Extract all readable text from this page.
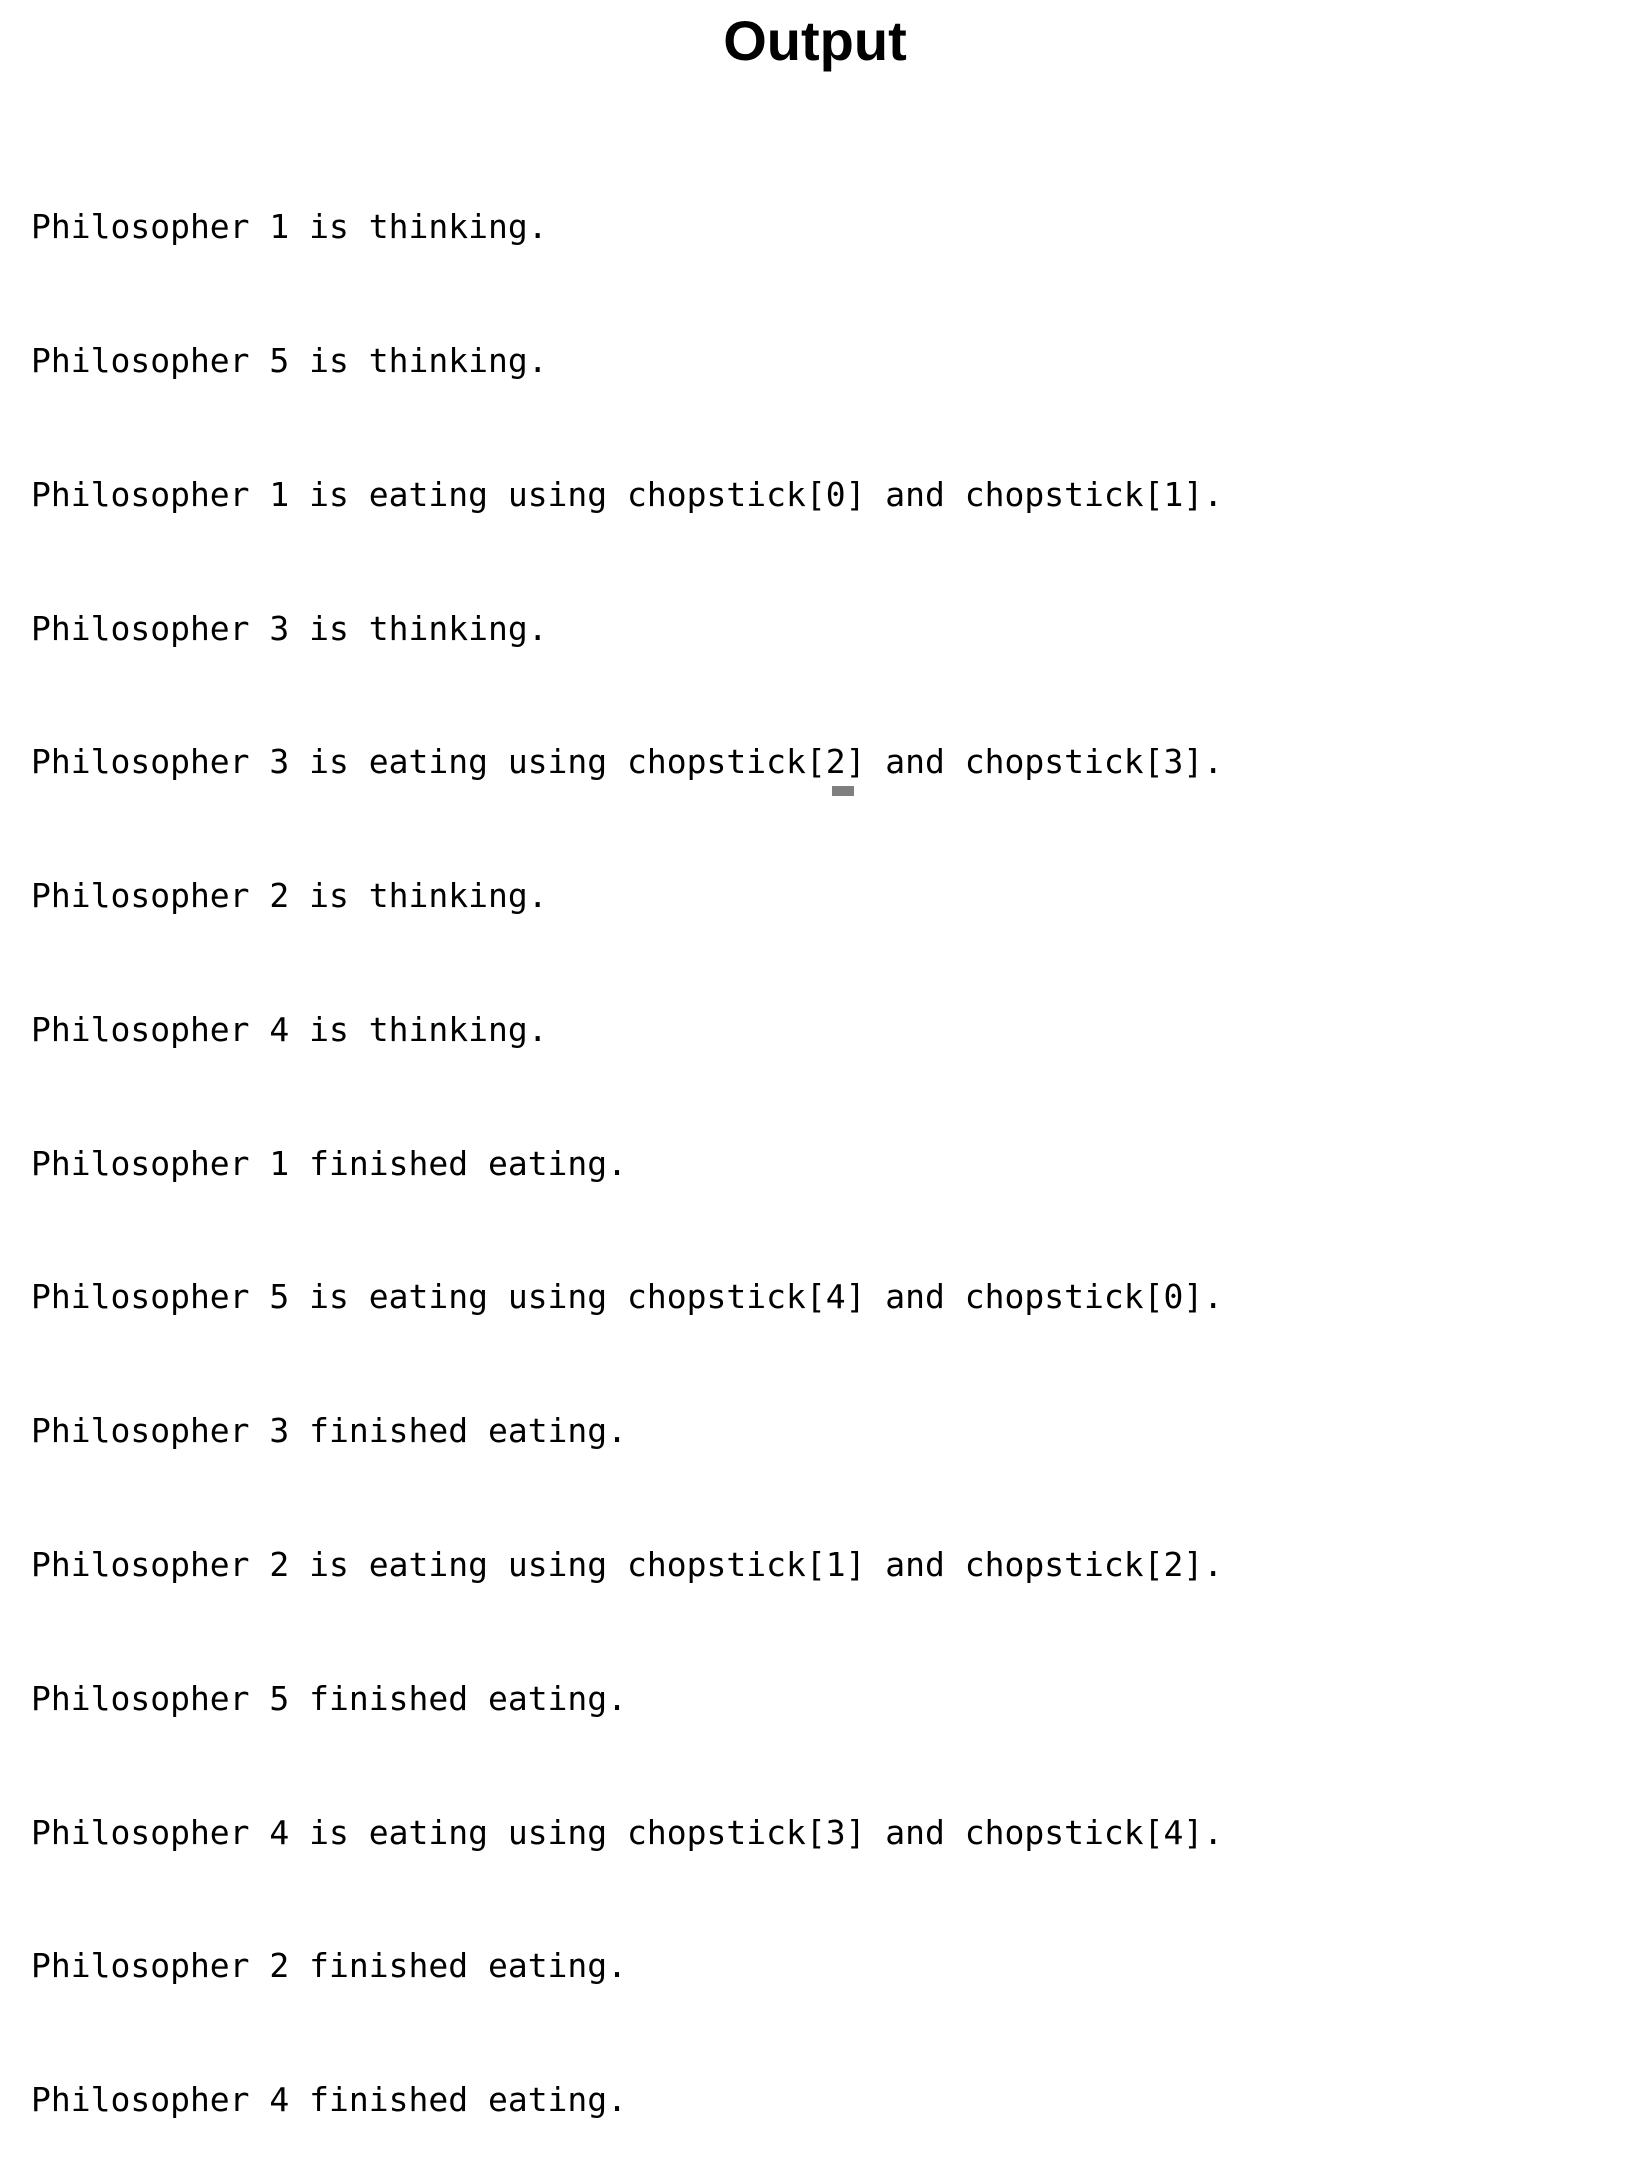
Output

Philosopher 1 is thinking.

Philosopher 5 is thinking.

Philosopher 1 is eating using chopstick[0] and chopstick[1].

Philosopher 3 is thinking.

Philosopher 3 is eating using chopstick[2] and chopstick[3].

Philosopher 2 is thinking.

Philosopher 4 is thinking.

Philosopher 1 finished eating.

Philosopher 5 is eating using chopstick[4] and chopstick[0].

Philosopher 3 finished eating.

Philosopher 2 is eating using chopstick[1] and chopstick[2].

Philosopher 5 finished eating.

Philosopher 4 is eating using chopstick[3] and chopstick[4].

Philosopher 2 finished eating.

Philosopher 4 finished eating.
